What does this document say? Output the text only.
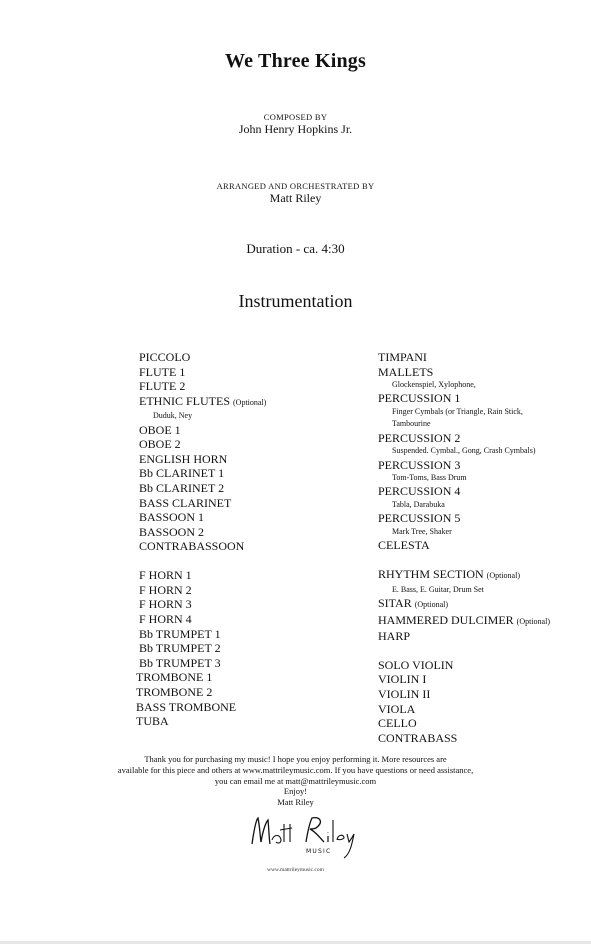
We Three Kings
COMPOSED BY
John Henry Hopkins Jr.
ARRANGED AND ORCHESTRATED BY
Matt Riley
Duration - ca. 4:30
Instrumentation
PICCOLO
FLUTE 1
FLUTE 2
ETHNIC FLUTES (Optional)
Duduk, Ney
OBOE 1
OBOE 2
ENGLISH HORN
Bb CLARINET 1
Bb CLARINET 2
BASS CLARINET
BASSOON 1
BASSOON 2
CONTRABASSOON
F HORN 1
F HORN 2
F HORN 3
F HORN 4
Bb TRUMPET 1
Bb TRUMPET 2
Bb TRUMPET 3
TROMBONE 1
TROMBONE 2
BASS TROMBONE
TUBA
TIMPANI
MALLETS
Glockenspiel, Xylophone,
PERCUSSION 1
Finger Cymbals (or Triangle, Rain Stick,
Tambourine
PERCUSSION 2
Suspended. Cymbal., Gong, Crash Cymbals)
PERCUSSION 3
Tom-Toms, Bass Drum
PERCUSSION 4
Tabla, Darabuka
PERCUSSION 5
Mark Tree, Shaker
CELESTA
RHYTHM SECTION (Optional)
E. Bass, E. Guitar, Drum Set
SITAR (Optional)
HAMMERED DULCIMER (Optional)
HARP
SOLO VIOLIN
VIOLIN I
VIOLIN II
VIOLA
CELLO
CONTRABASS
Thank you for purchasing my music! I hope you enjoy performing it. More resources are
available for this piece and others at www.mattrileymusic.com. If you have questions or need assistance,
you can email me at matt@mattrileymusic.com
Enjoy!
Matt Riley
MUSIC
www.mattrileymusic.com
